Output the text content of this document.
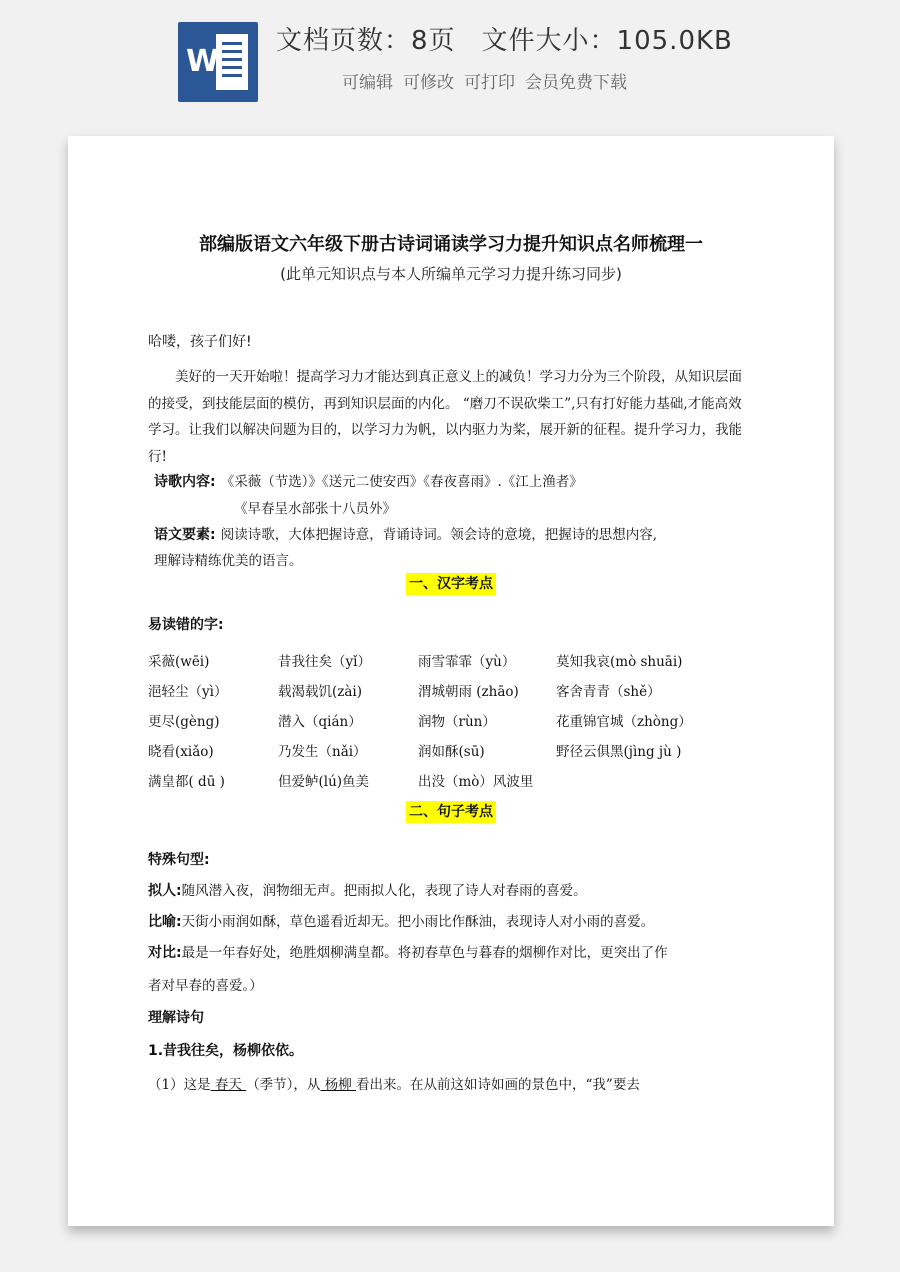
W
文档页数：8页 文件大小：105.0KB
可编辑 可修改 可打印 会员免费下载
部编版语文六年级下册古诗词诵读学习力提升知识点名师梳理一
(此单元知识点与本人所编单元学习力提升练习同步)
哈喽，孩子们好!

美好的一天开始啦！提高学习力才能达到真正意义上的减负！学习力分为三个阶段，从知识层面的接受，到技能层面的模仿，再到知识层面的内化。 “磨刀不误砍柴工”,只有打好能力基础,才能高效学习。让我们以解决问题为目的，以学习力为帆，以内驱力为桨，展开新的征程。提升学习力，我能行!

诗歌内容: 《采薇（节选）》《送元二使安西》《春夜喜雨》.《江上渔者》
《早春呈水部张十八员外》
语文要素: 阅读诗歌，大体把握诗意，背诵诗词。领会诗的意境，把握诗的思想内容,
理解诗精练优美的语言。
一、汉字考点
易读错的字:
采薇(wēi)	昔我往矣（yǐ）	雨雪霏霏（yù）	莫知我哀(mò shuāi)
浥轻尘（yì）	载渴载饥(zài)	渭城朝雨 (zhāo)	客舍青青（shě）
更尽(gèng)	潜入（qián）	润物（rùn）	花重锦官城（zhòng）
晓看(xiǎo)	乃发生（nǎi）	润如酥(sū)	野径云俱黑(jìng jù )
满皇都( dū )	但爱鲈(lú)鱼美	出没（mò）风波里
二、句子考点
特殊句型:
拟人:随风潜入夜，润物细无声。把雨拟人化，表现了诗人对春雨的喜爱。
比喻:天街小雨润如酥，草色遥看近却无。把小雨比作酥油，表现诗人对小雨的喜爱。
对比:最是一年春好处，绝胜烟柳满皇都。将初春草色与暮春的烟柳作对比，更突出了作
者对早春的喜爱。）
理解诗句
1.昔我往矣，杨柳依依。
（1）这是 春天 （季节），从 杨柳 看出来。在从前这如诗如画的景色中，“我”要去
